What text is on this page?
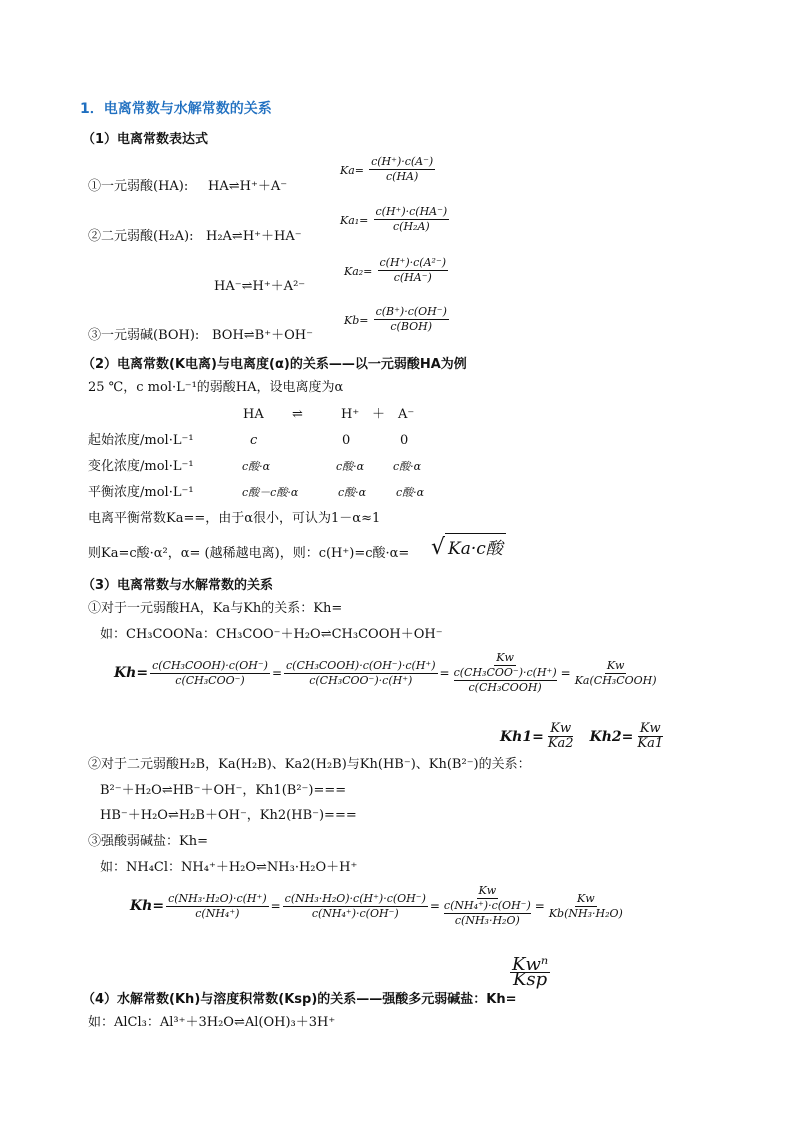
1．电离常数与水解常数的关系
（1）电离常数表达式
①一元弱酸(HA): HA⇌H⁺＋A⁻
$Ka= \frac{c(H^+)\cdot c(A^-)}{c(HA)}$
②二元弱酸(H₂A): H₂A⇌H⁺＋HA⁻
$Ka_1= \frac{c(H^+)\cdot c(HA^-)}{\text{c(H₂A)}}$
HA⁻⇌H⁺＋A²⁻
$Ka_2= \frac{\text{c(H⁺)·c(A²⁻)}}{c(HA^-)}$
③一元弱碱(BOH): BOH⇌B⁺＋OH⁻
$Kb= \frac{c(B^+)\cdot c(OH^-)}{\text{c(BOH)}}$
（2）电离常数(K电离)与电离度(α)的关系——以一元弱酸HA为例
25 ℃，c mol·L⁻¹的弱酸HA，设电离度为α
HA ⇌	H⁺ ＋ A⁻
起始浓度/mol·L⁻¹	c	0	0
变化浓度/mol·L⁻¹	c酸·α	c酸·α	c酸·α
平衡浓度/mol·L⁻¹	c酸－c酸·α	c酸·α	c酸·α
电离平衡常数Ka==，由于α很小，可认为1－α≈1
则Ka=c酸·α²，α= (越稀越电离)，则：c(H⁺)=c酸·α= √ Ka·c酸
（3）电离常数与水解常数的关系
①对于一元弱酸HA，Ka与Kh的关系：Kh=
如：CH₃COONa：CH₃COO⁻＋H₂O⇌CH₃COOH＋OH⁻
$Kh= \frac{\text{c(CH₃COOH)·c(OH⁻)}}{\text{c(CH₃COO⁻)}} = \frac{\text{c(CH₃COOH)·c(OH⁻)·c(H⁺)}}{\text{c(CH₃COO⁻)·c(H⁺)}} = Kw$
c(CH₃COO⁻)·c(H⁺)
c(CH₃COOH) = $\frac{Kw}{\text{Ka(CH₃COOH)}}$
②对于二元弱酸H₂B，Ka(H₂B)、Ka2(H₂B)与Kh(HB⁻)、Kh(B²⁻)的关系：
$Kh1= \frac{Kw}{Ka2} Kh2= \frac{Kw}{Ka1}$
B²⁻＋H₂O⇌HB⁻＋OH⁻，Kh1(B²⁻)===
HB⁻＋H₂O⇌H₂B＋OH⁻，Kh2(HB⁻)===
③强酸弱碱盐：Kh=
如：NH₄Cl：NH₄⁺＋H₂O⇌NH₃·H₂O＋H⁺
$Kh= \frac{\text{c(NH₃·H₂O)·c(H⁺)}}{\text{c(NH₄⁺)}} = \frac{\text{c(NH₃·H₂O)·c(H⁺)·c(OH⁻)}}{\text{c(NH₄⁺)·c(OH⁻)}} = Kw$
c(NH₄⁺)·c(OH⁻)
$c(NH_3\cdot H_2O) = \frac{Kw}{\text{Kb(NH₃·H₂O)}}$
（4）水解常数(Kh)与溶度积常数(Ksp)的关系——强酸多元弱碱盐：Kh=
$\frac{\text{Kwⁿ}}{\text{Ksp}}$
如：AlCl₃：Al³⁺＋3H₂O⇌Al(OH)₃＋3H⁺
